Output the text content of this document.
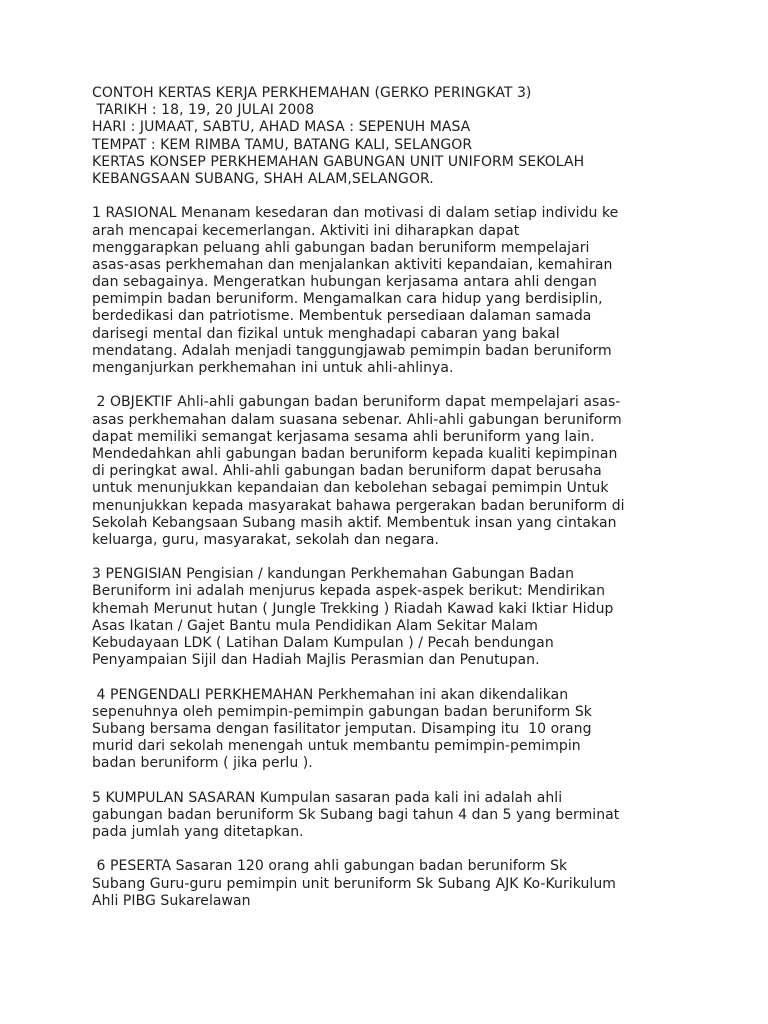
CONTOH KERTAS KERJA PERKHEMAHAN (GERKO PERINGKAT 3)
TARIKH : 18, 19, 20 JULAI 2008
HARI : JUMAAT, SABTU, AHAD MASA : SEPENUH MASA
TEMPAT : KEM RIMBA TAMU, BATANG KALI, SELANGOR
KERTAS KONSEP PERKHEMAHAN GABUNGAN UNIT UNIFORM SEKOLAH
KEBANGSAAN SUBANG, SHAH ALAM,SELANGOR.
1 RASIONAL Menanam kesedaran dan motivasi di dalam setiap individu ke
arah mencapai kecemerlangan. Aktiviti ini diharapkan dapat
menggarapkan peluang ahli gabungan badan beruniform mempelajari
asas-asas perkhemahan dan menjalankan aktiviti kepandaian, kemahiran
dan sebagainya. Mengeratkan hubungan kerjasama antara ahli dengan
pemimpin badan beruniform. Mengamalkan cara hidup yang berdisiplin,
berdedikasi dan patriotisme. Membentuk persediaan dalaman samada
darisegi mental dan fizikal untuk menghadapi cabaran yang bakal
mendatang. Adalah menjadi tanggungjawab pemimpin badan beruniform
menganjurkan perkhemahan ini untuk ahli-ahlinya.
2 OBJEKTIF Ahli-ahli gabungan badan beruniform dapat mempelajari asas-
asas perkhemahan dalam suasana sebenar. Ahli-ahli gabungan beruniform
dapat memiliki semangat kerjasama sesama ahli beruniform yang lain.
Mendedahkan ahli gabungan badan beruniform kepada kualiti kepimpinan
di peringkat awal. Ahli-ahli gabungan badan beruniform dapat berusaha
untuk menunjukkan kepandaian dan kebolehan sebagai pemimpin Untuk
menunjukkan kepada masyarakat bahawa pergerakan badan beruniform di
Sekolah Kebangsaan Subang masih aktif. Membentuk insan yang cintakan
keluarga, guru, masyarakat, sekolah dan negara.
3 PENGISIAN Pengisian / kandungan Perkhemahan Gabungan Badan
Beruniform ini adalah menjurus kepada aspek-aspek berikut: Mendirikan
khemah Merunut hutan ( Jungle Trekking ) Riadah Kawad kaki Iktiar Hidup
Asas Ikatan / Gajet Bantu mula Pendidikan Alam Sekitar Malam
Kebudayaan LDK ( Latihan Dalam Kumpulan ) / Pecah bendungan
Penyampaian Sijil dan Hadiah Majlis Perasmian dan Penutupan.
4 PENGENDALI PERKHEMAHAN Perkhemahan ini akan dikendalikan
sepenuhnya oleh pemimpin-pemimpin gabungan badan beruniform Sk
Subang bersama dengan fasilitator jemputan. Disamping itu  10 orang
murid dari sekolah menengah untuk membantu pemimpin-pemimpin
badan beruniform ( jika perlu ).
5 KUMPULAN SASARAN Kumpulan sasaran pada kali ini adalah ahli
gabungan badan beruniform Sk Subang bagi tahun 4 dan 5 yang berminat
pada jumlah yang ditetapkan.
6 PESERTA Sasaran 120 orang ahli gabungan badan beruniform Sk
Subang Guru-guru pemimpin unit beruniform Sk Subang AJK Ko-Kurikulum
Ahli PIBG Sukarelawan
